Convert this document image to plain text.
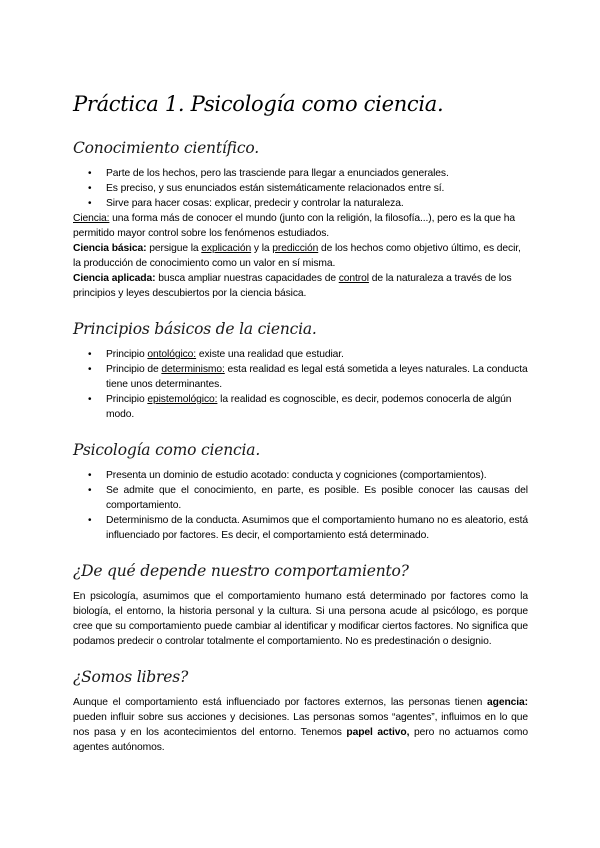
Práctica 1. Psicología como ciencia.
Conocimiento científico.
• Parte de los hechos, pero las trasciende para llegar a enunciados generales.
• Es preciso, y sus enunciados están sistemáticamente relacionados entre sí.
• Sirve para hacer cosas: explicar, predecir y controlar la naturaleza.

Ciencia: una forma más de conocer el mundo (junto con la religión, la filosofía...), pero es la que ha permitido mayor control sobre los fenómenos estudiados.

Ciencia básica: persigue la explicación y la predicción de los hechos como objetivo último, es decir, la producción de conocimiento como un valor en sí misma.

Ciencia aplicada: busca ampliar nuestras capacidades de control de la naturaleza a través de los principios y leyes descubiertos por la ciencia básica.

Principios básicos de la ciencia.
• Principio ontológico: existe una realidad que estudiar.
• Principio de determinismo: esta realidad es legal está sometida a leyes naturales. La conducta tiene unos determinantes.
• Principio epistemológico: la realidad es cognoscible, es decir, podemos conocerla de algún modo.
Psicología como ciencia.
• Presenta un dominio de estudio acotado: conducta y cogniciones (comportamientos).
• Se admite que el conocimiento, en parte, es posible. Es posible conocer las causas del comportamiento.
• Determinismo de la conducta. Asumimos que el comportamiento humano no es aleatorio, está influenciado por factores. Es decir, el comportamiento está determinado.
¿De qué depende nuestro comportamiento?

En psicología, asumimos que el comportamiento humano está determinado por factores como la biología, el entorno, la historia personal y la cultura. Si una persona acude al psicólogo, es porque cree que su comportamiento puede cambiar al identificar y modificar ciertos factores. No significa que podamos predecir o controlar totalmente el comportamiento. No es predestinación o designio.

¿Somos libres?

Aunque el comportamiento está influenciado por factores externos, las personas tienen agencia: pueden influir sobre sus acciones y decisiones. Las personas somos “agentes”, influimos en lo que nos pasa y en los acontecimientos del entorno. Tenemos papel activo, pero no actuamos como agentes autónomos.
